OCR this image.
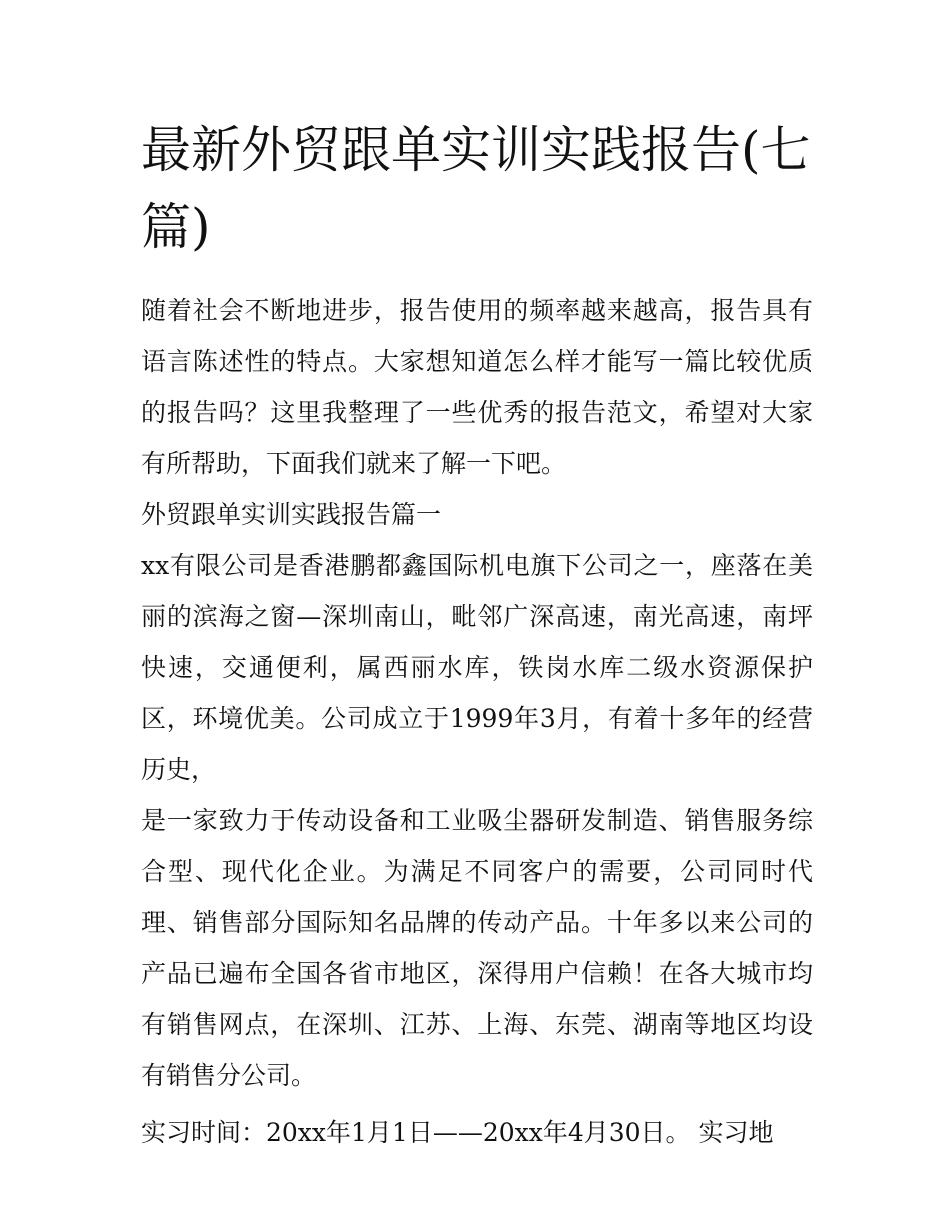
最新外贸跟单实训实践报告(七篇)

随着社会不断地进步，报告使用的频率越来越高，报告具有语言陈述性的特点。大家想知道怎么样才能写一篇比较优质的报告吗？这里我整理了一些优秀的报告范文，希望对大家有所帮助，下面我们就来了解一下吧。

外贸跟单实训实践报告篇一

xx有限公司是香港鹏都鑫国际机电旗下公司之一，座落在美丽的滨海之窗—深圳南山，毗邻广深高速，南光高速，南坪快速，交通便利，属西丽水库，铁岗水库二级水资源保护区，环境优美。公司成立于1999年3月，有着十多年的经营历史，

是一家致力于传动设备和工业吸尘器研发制造、销售服务综合型、现代化企业。为满足不同客户的需要，公司同时代理、销售部分国际知名品牌的传动产品。十年多以来公司的产品已遍布全国各省市地区，深得用户信赖！在各大城市均有销售网点，在深圳、江苏、上海、东莞、湖南等地区均设有销售分公司。

实习时间：20xx年1月1日——20xx年4月30日。 实习地
